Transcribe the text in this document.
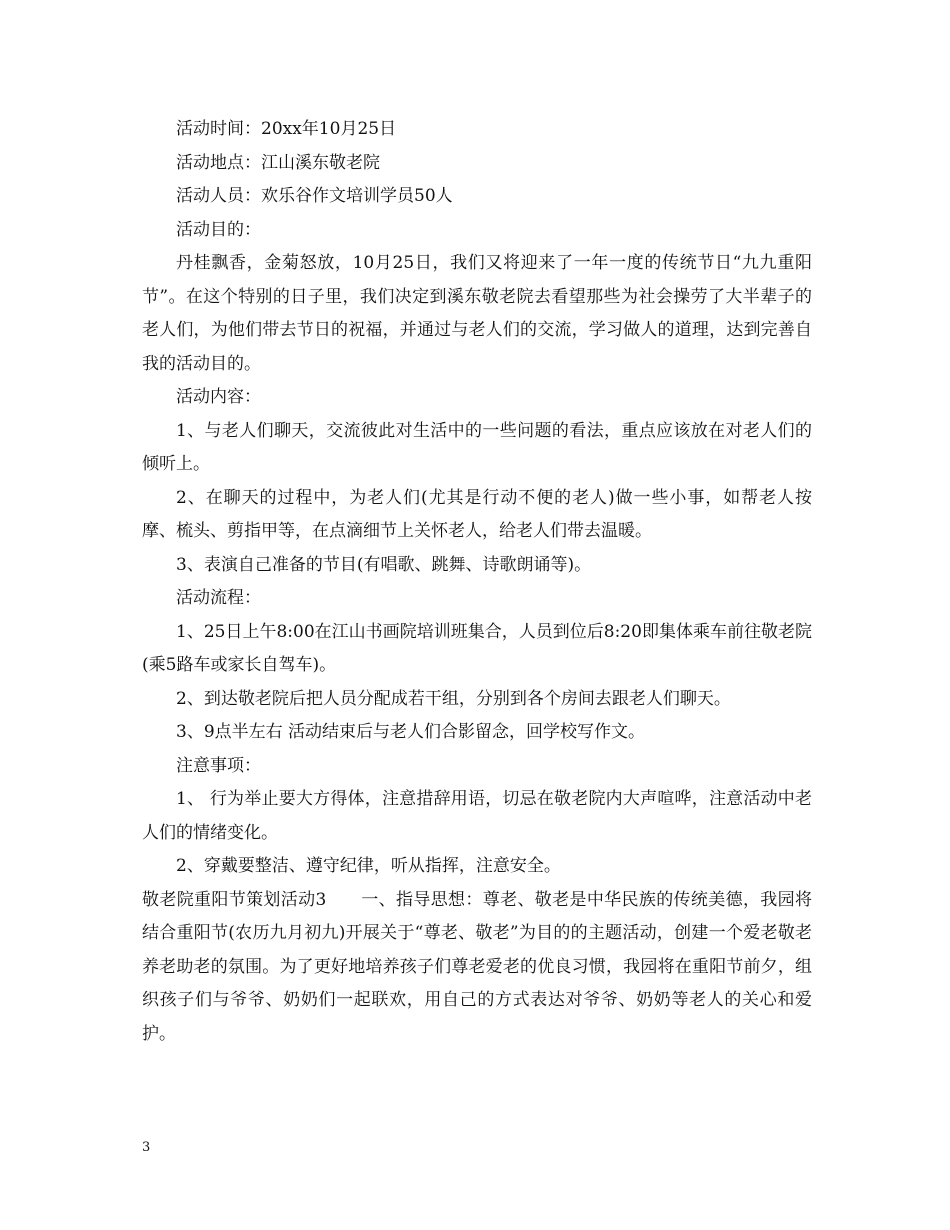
活动时间：20xx年10月25日

活动地点：江山溪东敬老院

活动人员：欢乐谷作文培训学员50人

活动目的：

丹桂飘香，金菊怒放，10月25日，我们又将迎来了一年一度的传统节日“九九重阳节”。在这个特别的日子里，我们决定到溪东敬老院去看望那些为社会操劳了大半辈子的老人们，为他们带去节日的祝福，并通过与老人们的交流，学习做人的道理，达到完善自我的活动目的。

活动内容：

1、与老人们聊天，交流彼此对生活中的一些问题的看法，重点应该放在对老人们的倾听上。

2、在聊天的过程中，为老人们(尤其是行动不便的老人)做一些小事，如帮老人按摩、梳头、剪指甲等，在点滴细节上关怀老人，给老人们带去温暖。

3、表演自己准备的节目(有唱歌、跳舞、诗歌朗诵等)。

活动流程：

1、25日上午8:00在江山书画院培训班集合，人员到位后8:20即集体乘车前往敬老院(乘5路车或家长自驾车)。

2、到达敬老院后把人员分配成若干组，分别到各个房间去跟老人们聊天。

3、9点半左右 活动结束后与老人们合影留念，回学校写作文。

注意事项：

1、 行为举止要大方得体，注意措辞用语，切忌在敬老院内大声喧哗，注意活动中老人们的情绪变化。

2、穿戴要整洁、遵守纪律，听从指挥，注意安全。

敬老院重阳节策划活动3　　一、指导思想：尊老、敬老是中华民族的传统美德，我园将结合重阳节(农历九月初九)开展关于“尊老、敬老”为目的的主题活动，创建一个爱老敬老养老助老的氛围。为了更好地培养孩子们尊老爱老的优良习惯，我园将在重阳节前夕，组织孩子们与爷爷、奶奶们一起联欢，用自己的方式表达对爷爷、奶奶等老人的关心和爱护。

3
